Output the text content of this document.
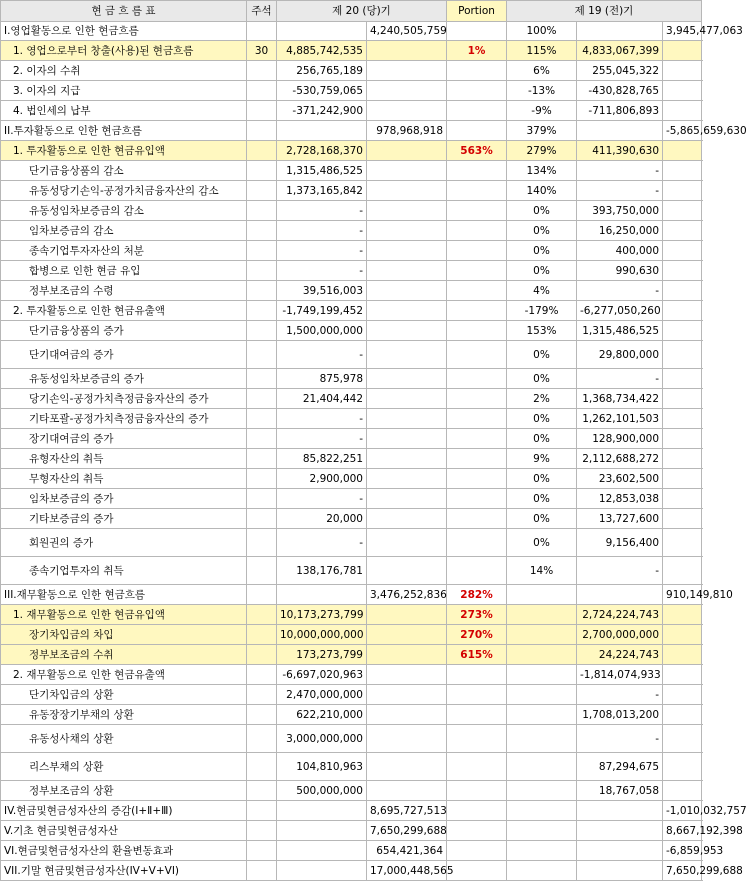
현 금 흐 름 표	주석	제 20 (당)기		Portion	제 19 (전)기		
I.영업활동으로 인한 현금흐름			4,240,505,759		100%		3,945,477,063
1. 영업으로부터 창출(사용)된 현금흐름	30	4,885,742,535		1%	115%	4,833,067,399	
2. 이자의 수취		256,765,189			6%	255,045,322	
3. 이자의 지급		-530,759,065			-13%	-430,828,765	
4. 법인세의 납부		-371,242,900			-9%	-711,806,893	
II.투자활동으로 인한 현금흐름			978,968,918		379%		-5,865,659,630
1. 투자활동으로 인한 현금유입액		2,728,168,370		563%	279%	411,390,630	
단기금융상품의 감소		1,315,486,525			134%	-	
유동성당기손익-공정가치금융자산의 감소		1,373,165,842			140%	-	
유동성임차보증금의 감소		-			0%	393,750,000	
임차보증금의 감소		-			0%	16,250,000	
종속기업투자자산의 처분		-			0%	400,000	
합병으로 인한 현금 유입		-			0%	990,630	
정부보조금의 수령		39,516,003			4%	-	
2. 투자활동으로 인한 현금유출액		-1,749,199,452			-179%	-6,277,050,260	
단기금융상품의 증가		1,500,000,000			153%	1,315,486,525	
단기대여금의 증가		-			0%	29,800,000	
유동성임차보증금의 증가		875,978			0%	-	
당기손익-공정가치측정금융자산의 증가		21,404,442			2%	1,368,734,422	
기타포괄-공정가치측정금융자산의 증가		-			0%	1,262,101,503	
장기대여금의 증가		-			0%	128,900,000	
유형자산의 취득		85,822,251			9%	2,112,688,272	
무형자산의 취득		2,900,000			0%	23,602,500	
임차보증금의 증가		-			0%	12,853,038	
기타보증금의 증가		20,000			0%	13,727,600	
회원권의 증가		-			0%	9,156,400	
종속기업투자의 취득		138,176,781			14%	-	
III.재무활동으로 인한 현금흐름			3,476,252,836	282%			910,149,810
1. 재무활동으로 인한 현금유입액		10,173,273,799		273%		2,724,224,743	
장기차입금의 차입		10,000,000,000		270%		2,700,000,000	
정부보조금의 수취		173,273,799		615%		24,224,743	
2. 재무활동으로 인한 현금유출액		-6,697,020,963				-1,814,074,933	
단기차입금의 상환		2,470,000,000				-	
유동장장기부채의 상환		622,210,000				1,708,013,200	
유동성사채의 상환		3,000,000,000				-	
리스부채의 상환		104,810,963				87,294,675	
정부보조금의 상환		500,000,000				18,767,058	
IV.현금및현금성자산의 증감(Ⅰ+Ⅱ+Ⅲ)			8,695,727,513				-1,010,032,757
V.기초 현금및현금성자산			7,650,299,688				8,667,192,398
VI.현금및현금성자산의 환율변동효과			654,421,364				-6,859,953
VII.기말 현금및현금성자산(IV+V+VI)			17,000,448,565				7,650,299,688
